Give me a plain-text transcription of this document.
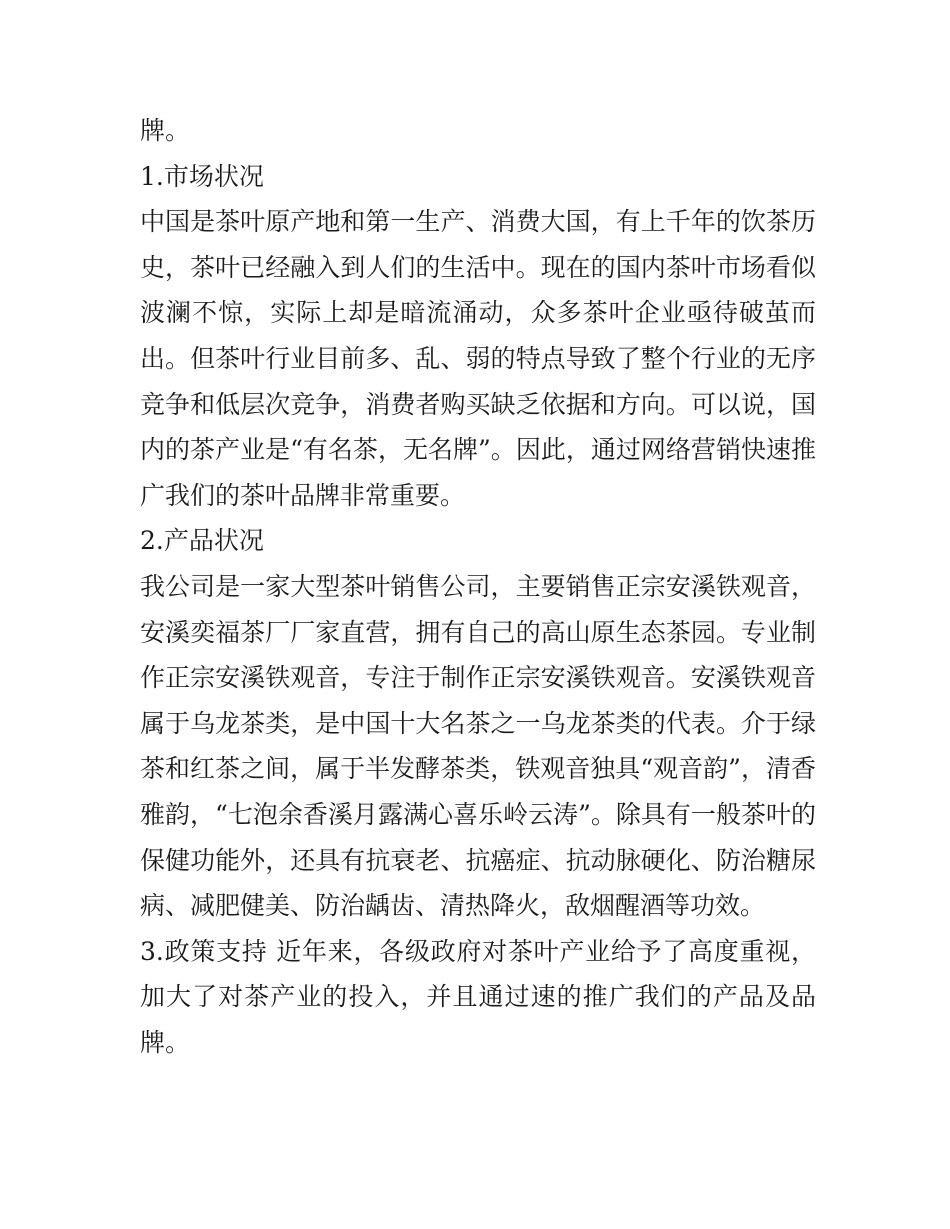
牌。

1.市场状况

中国是茶叶原产地和第一生产、消费大国，有上千年的饮茶历史，茶叶已经融入到人们的生活中。现在的国内茶叶市场看似波澜不惊，实际上却是暗流涌动，众多茶叶企业亟待破茧而出。但茶叶行业目前多、乱、弱的特点导致了整个行业的无序竞争和低层次竞争，消费者购买缺乏依据和方向。可以说，国内的茶产业是“有名茶，无名牌”。因此，通过网络营销快速推广我们的茶叶品牌非常重要。

2.产品状况

我公司是一家大型茶叶销售公司，主要销售正宗安溪铁观音，安溪奕福茶厂厂家直营，拥有自己的高山原生态茶园。专业制作正宗安溪铁观音，专注于制作正宗安溪铁观音。安溪铁观音属于乌龙茶类，是中国十大名茶之一乌龙茶类的代表。介于绿茶和红茶之间，属于半发酵茶类，铁观音独具“观音韵”，清香雅韵，“七泡余香溪月露满心喜乐岭云涛”。除具有一般茶叶的保健功能外，还具有抗衰老、抗癌症、抗动脉硬化、防治糖尿病、减肥健美、防治龋齿、清热降火，敌烟醒酒等功效。

3.政策支持 近年来，各级政府对茶叶产业给予了高度重视，加大了对茶产业的投入，并且通过速的推广我们的产品及品牌。
